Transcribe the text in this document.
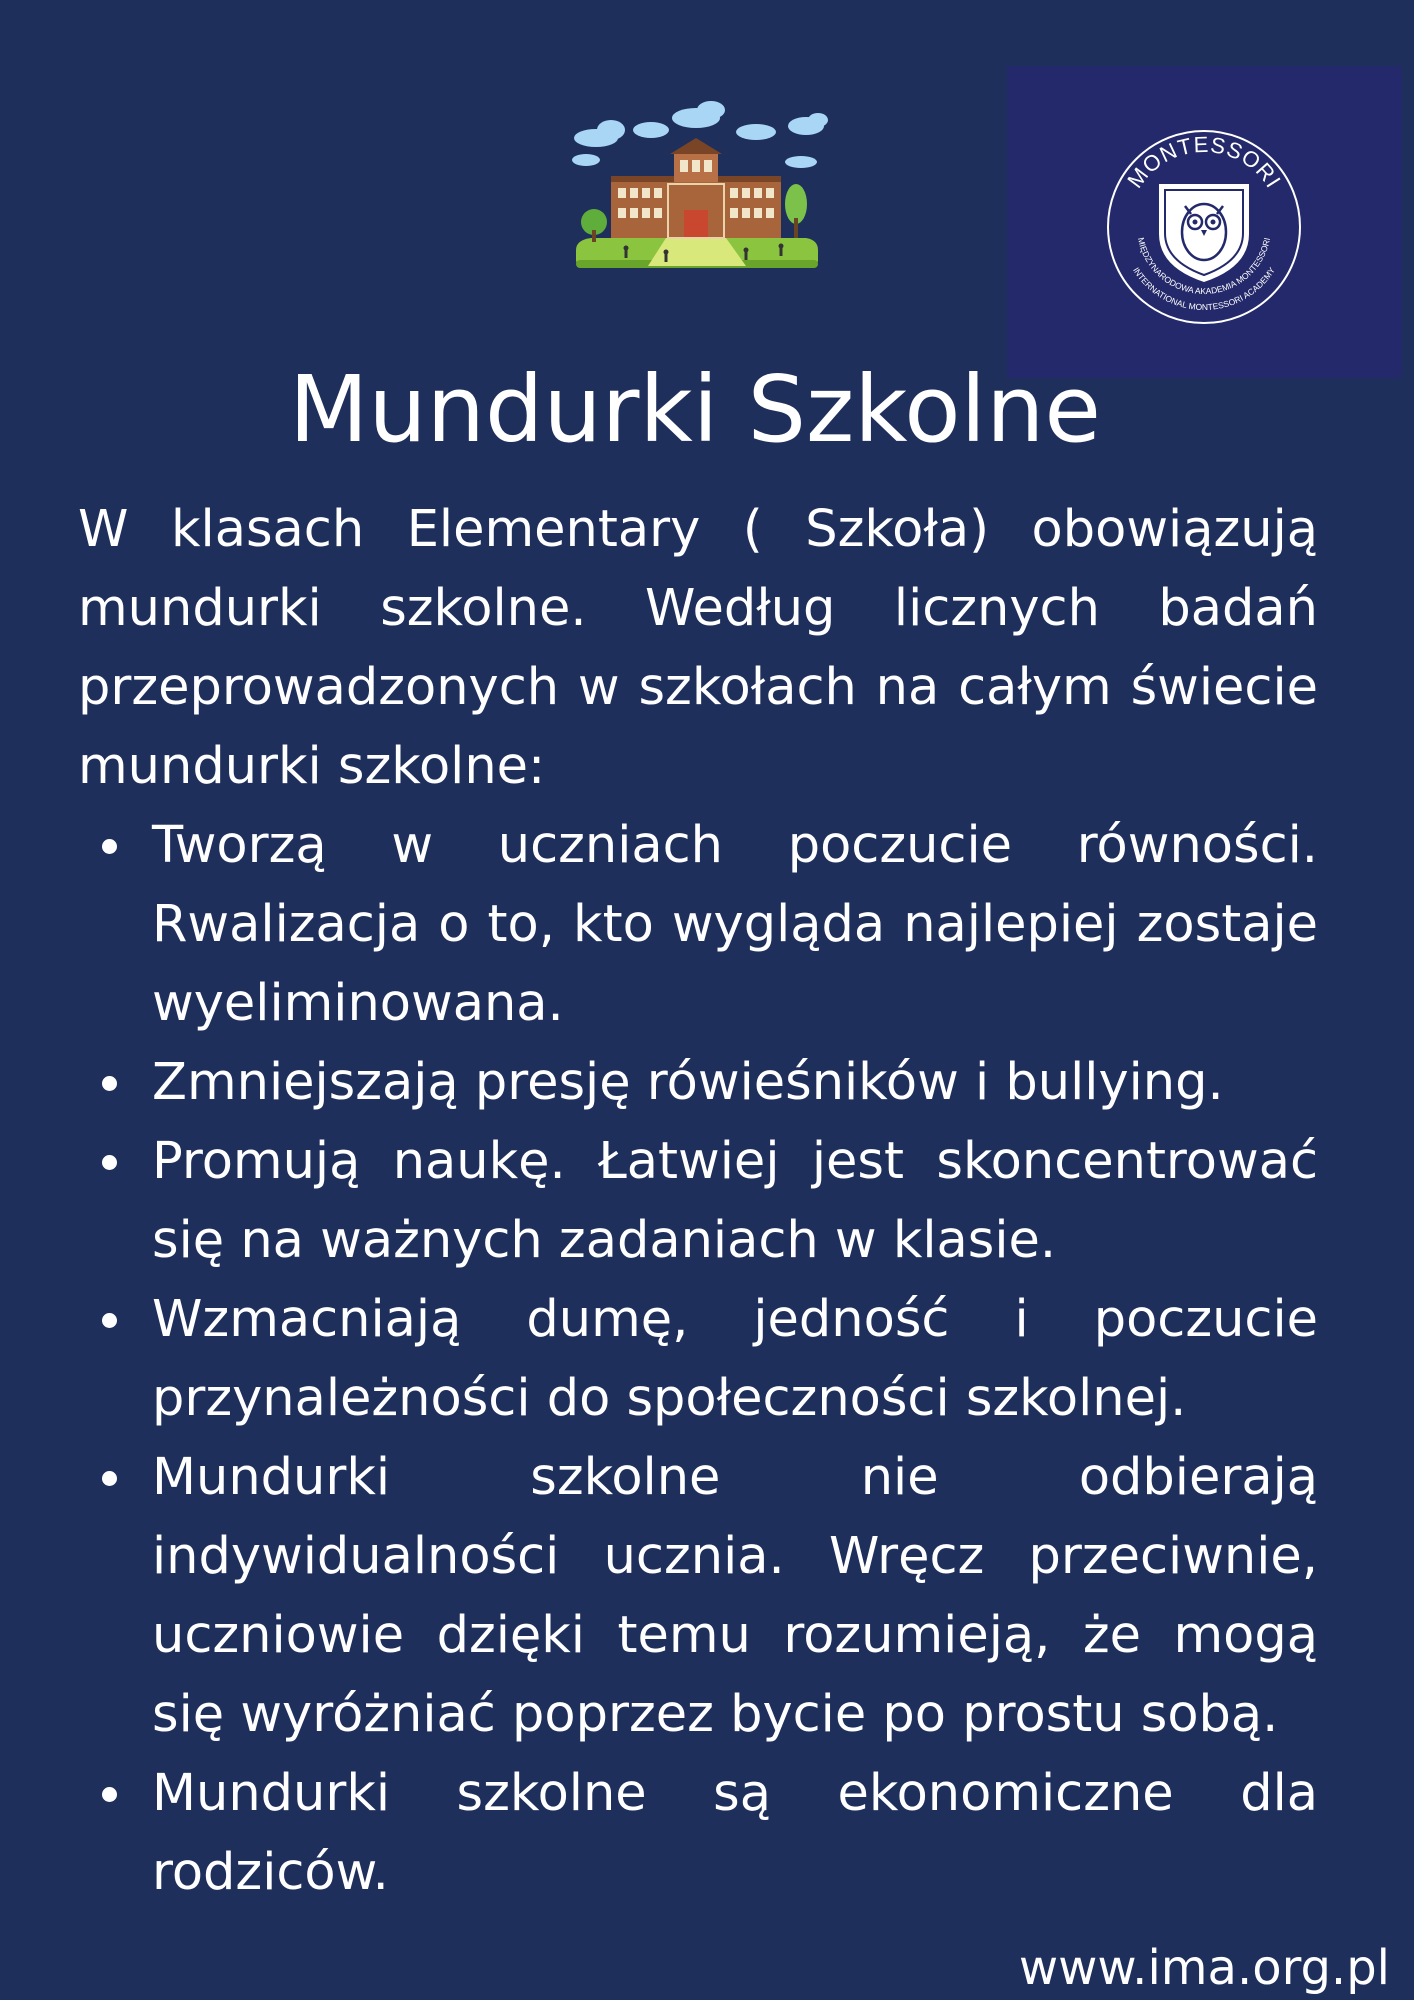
MONTESSORI
MIĘDZYNARODOWA AKADEMIA MONTESSORI
INTERNATIONAL MONTESSORI ACADEMY
Mundurki Szkolne

W klasach Elementary ( Szkoła) obowiązują mundurki szkolne. Według licznych badań przeprowadzonych w szkołach na całym świecie mundurki szkolne:

Tworzą w uczniach poczucie równości. Rwalizacja o to, kto wygląda najlepiej zostaje wyeliminowana.
Zmniejszają presję rówieśników i bullying.
Promują naukę. Łatwiej jest skoncentrować się na ważnych zadaniach w klasie.
Wzmacniają dumę, jedność i poczucie przynależności do społeczności szkolnej.
Mundurki szkolne nie odbierają indywidualności ucznia. Wręcz przeciwnie, uczniowie dzięki temu rozumieją, że mogą się wyróżniać poprzez bycie po prostu sobą.
Mundurki szkolne są ekonomiczne dla rodziców.
www.ima.org.pl
